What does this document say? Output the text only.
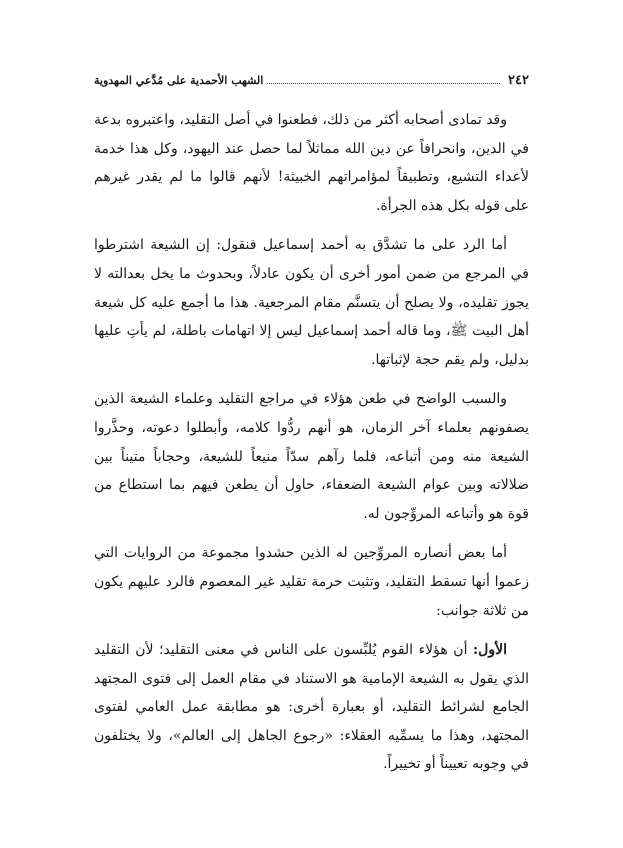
٢٤٢
الشهب الأحمدية على مُدَّعي المهدوية

وقد تمادى أصحابه أكثر من ذلك، فطعنوا في أصل التقليد، واعتبروه بدعة في الدين، وانحرافاً عن دين الله مماثلاً لما حصل عند اليهود، وكل هذا خدمة لأعداء التشيع، وتطبيقاً لمؤامراتهم الخبيثة! لأنهم قالوا ما لم يقدر غيرهم على قوله بكل هذه الجرأة.

أما الرد على ما تشدَّق به أحمد إسماعيل فنقول: إن الشيعة اشترطوا في المرجع من ضمن أمور أخرى أن يكون عادلاً، وبحدوث ما يخل بعدالته لا يجوز تقليده، ولا يصلح أن يتسنَّم مقام المرجعية. هذا ما أجمع عليه كل شيعة أهل البيت ﷺ، وما قاله أحمد إسماعيل ليس إلا اتهامات باطلة، لم يأتِ عليها بدليل، ولم يقم حجة لإثباتها.

والسبب الواضح في طعن هؤلاء في مراجع التقليد وعلماء الشيعة الذين يصفونهم بعلماء آخر الزمان، هو أنهم ردُّوا كلامه، وأبطلوا دعوته، وحذَّروا الشيعة منه ومن أتباعه، فلما رآهم سدّاً منيعاً للشيعة، وحجاباً متيناً بين ضلالاته وبين عوام الشيعة الضعفاء، حاول أن يطعن فيهم بما استطاع من قوة هو وأتباعه المروِّجون له.

أما بعض أنصاره المروِّجين له الذين حشدوا مجموعة من الروايات التي زعموا أنها تسقط التقليد، وتثبت حرمة تقليد غير المعصوم فالرد عليهم يكون من ثلاثة جوانب:

الأول: أن هؤلاء القوم يُلبِّسون على الناس في معنى التقليد؛ لأن التقليد الذي يقول به الشيعة الإمامية هو الاستناد في مقام العمل إلى فتوى المجتهد الجامع لشرائط التقليد، أو بعبارة أخرى: هو مطابقة عمل العامي لفتوى المجتهد، وهذا ما يسمِّيه العقلاء: «رجوع الجاهل إلى العالم»، ولا يختلفون في وجوبه تعييناً أو تخييراً.
